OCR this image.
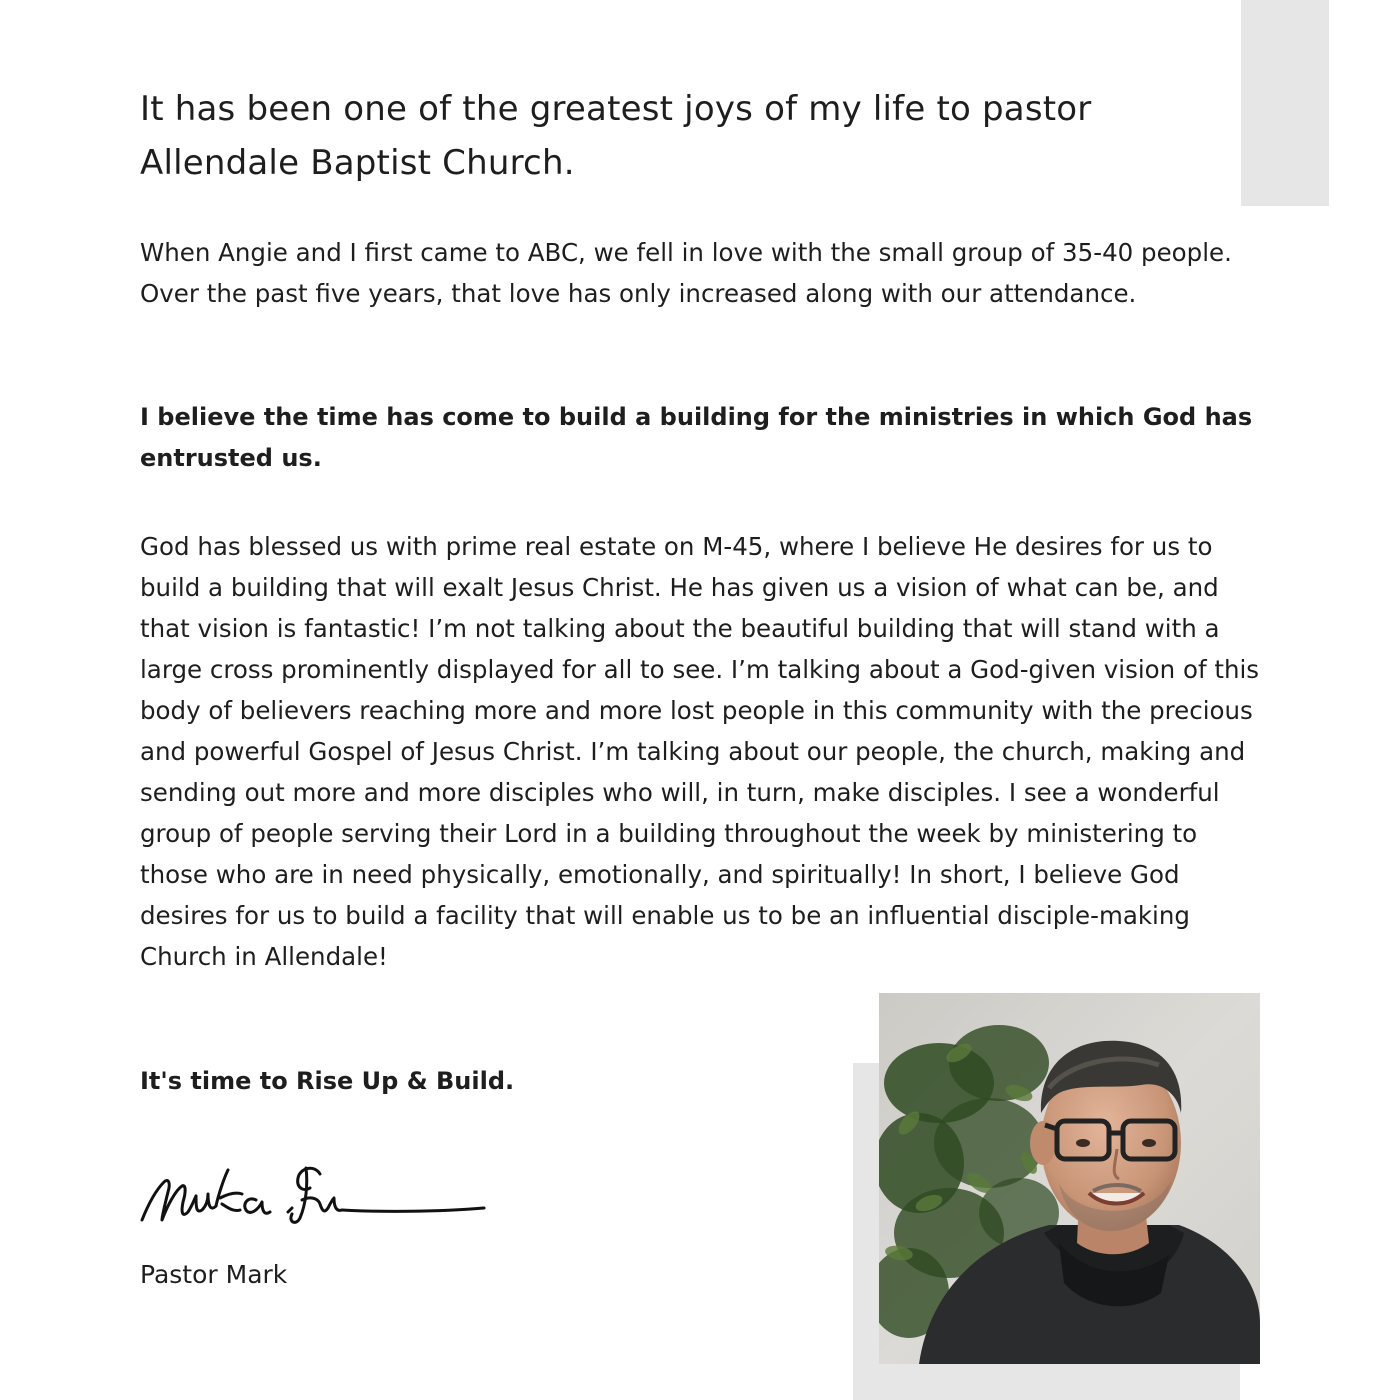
It has been one of the greatest joys of my life to pastor Allendale Baptist Church.

When Angie and I first came to ABC, we fell in love with the small group of 35-40 people. Over the past five years, that love has only increased along with our attendance.

I believe the time has come to build a building for the ministries in which God has entrusted us.

God has blessed us with prime real estate on M-45, where I believe He desires for us to build a building that will exalt Jesus Christ. He has given us a vision of what can be, and that vision is fantastic! I’m not talking about the beautiful building that will stand with a large cross prominently displayed for all to see. I’m talking about a God-given vision of this body of believers reaching more and more lost people in this community with the precious and powerful Gospel of Jesus Christ. I’m talking about our people, the church, making and sending out more and more disciples who will, in turn, make disciples. I see a wonderful group of people serving their Lord in a building throughout the week by ministering to those who are in need physically, emotionally, and spiritually! In short, I believe God desires for us to build a facility that will enable us to be an influential disciple-making Church in Allendale!

It's time to Rise Up & Build.

Pastor Mark
